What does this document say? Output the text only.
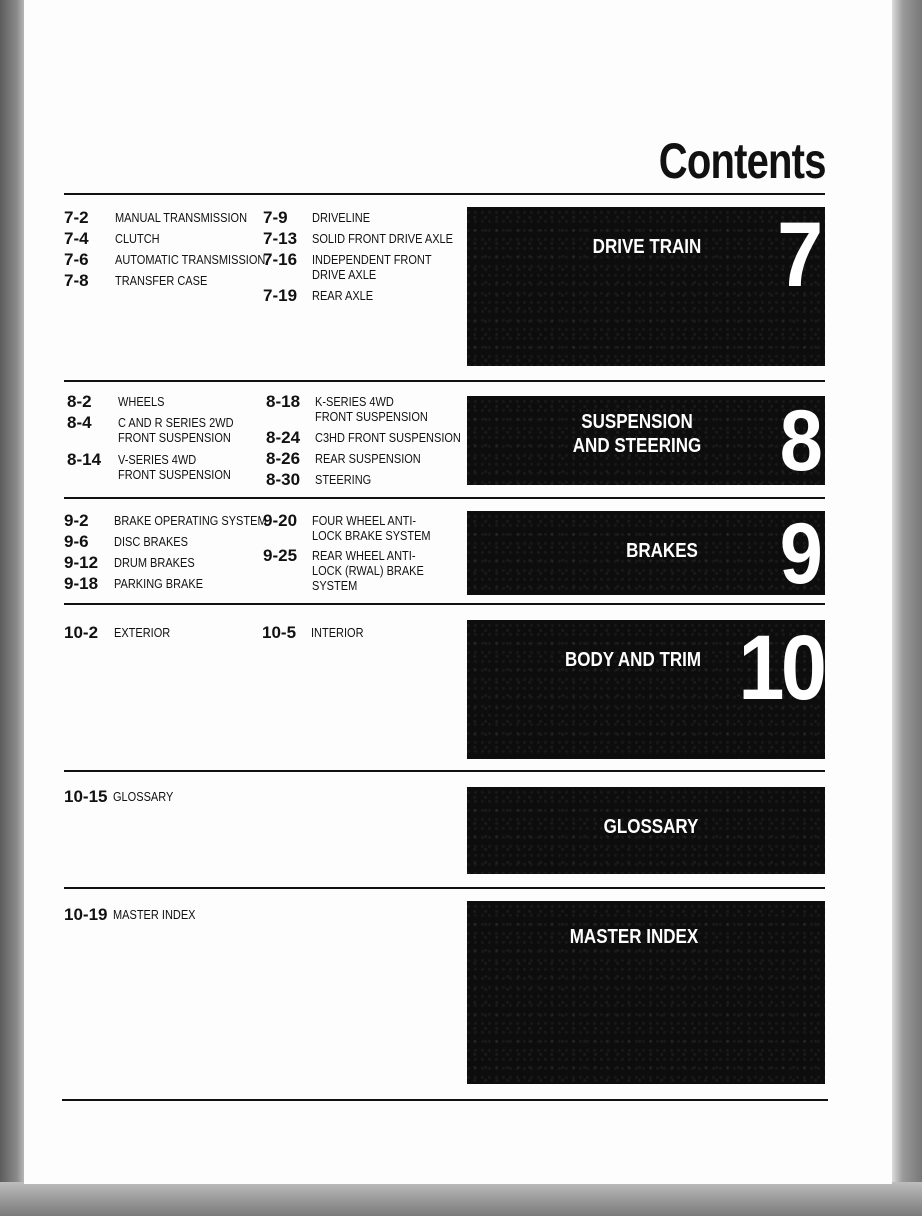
Contents
7-2	MANUAL TRANSMISSION
7-4	CLUTCH
7-6	AUTOMATIC TRANSMISSION
7-8	TRANSFER CASE
7-9	DRIVELINE
7-13	SOLID FRONT DRIVE AXLE
7-16	INDEPENDENT FRONT DRIVE AXLE
7-19	REAR AXLE
DRIVE TRAIN 7
8-2	WHEELS
8-4	C AND R SERIES 2WD FRONT SUSPENSION
8-14	V-SERIES 4WD FRONT SUSPENSION
8-18	K-SERIES 4WD FRONT SUSPENSION
8-24	C3HD FRONT SUSPENSION
8-26	REAR SUSPENSION
8-30	STEERING
SUSPENSION
AND STEERING 8
9-2	BRAKE OPERATING SYSTEM
9-6	DISC BRAKES
9-12	DRUM BRAKES
9-18	PARKING BRAKE
9-20	FOUR WHEEL ANTI-LOCK BRAKE SYSTEM
9-25	REAR WHEEL ANTI-LOCK (RWAL) BRAKE SYSTEM
BRAKES 9
10-2	EXTERIOR	10-5	INTERIOR
BODY AND TRIM 10
10-15 GLOSSARY
GLOSSARY
10-19 MASTER INDEX
MASTER INDEX
